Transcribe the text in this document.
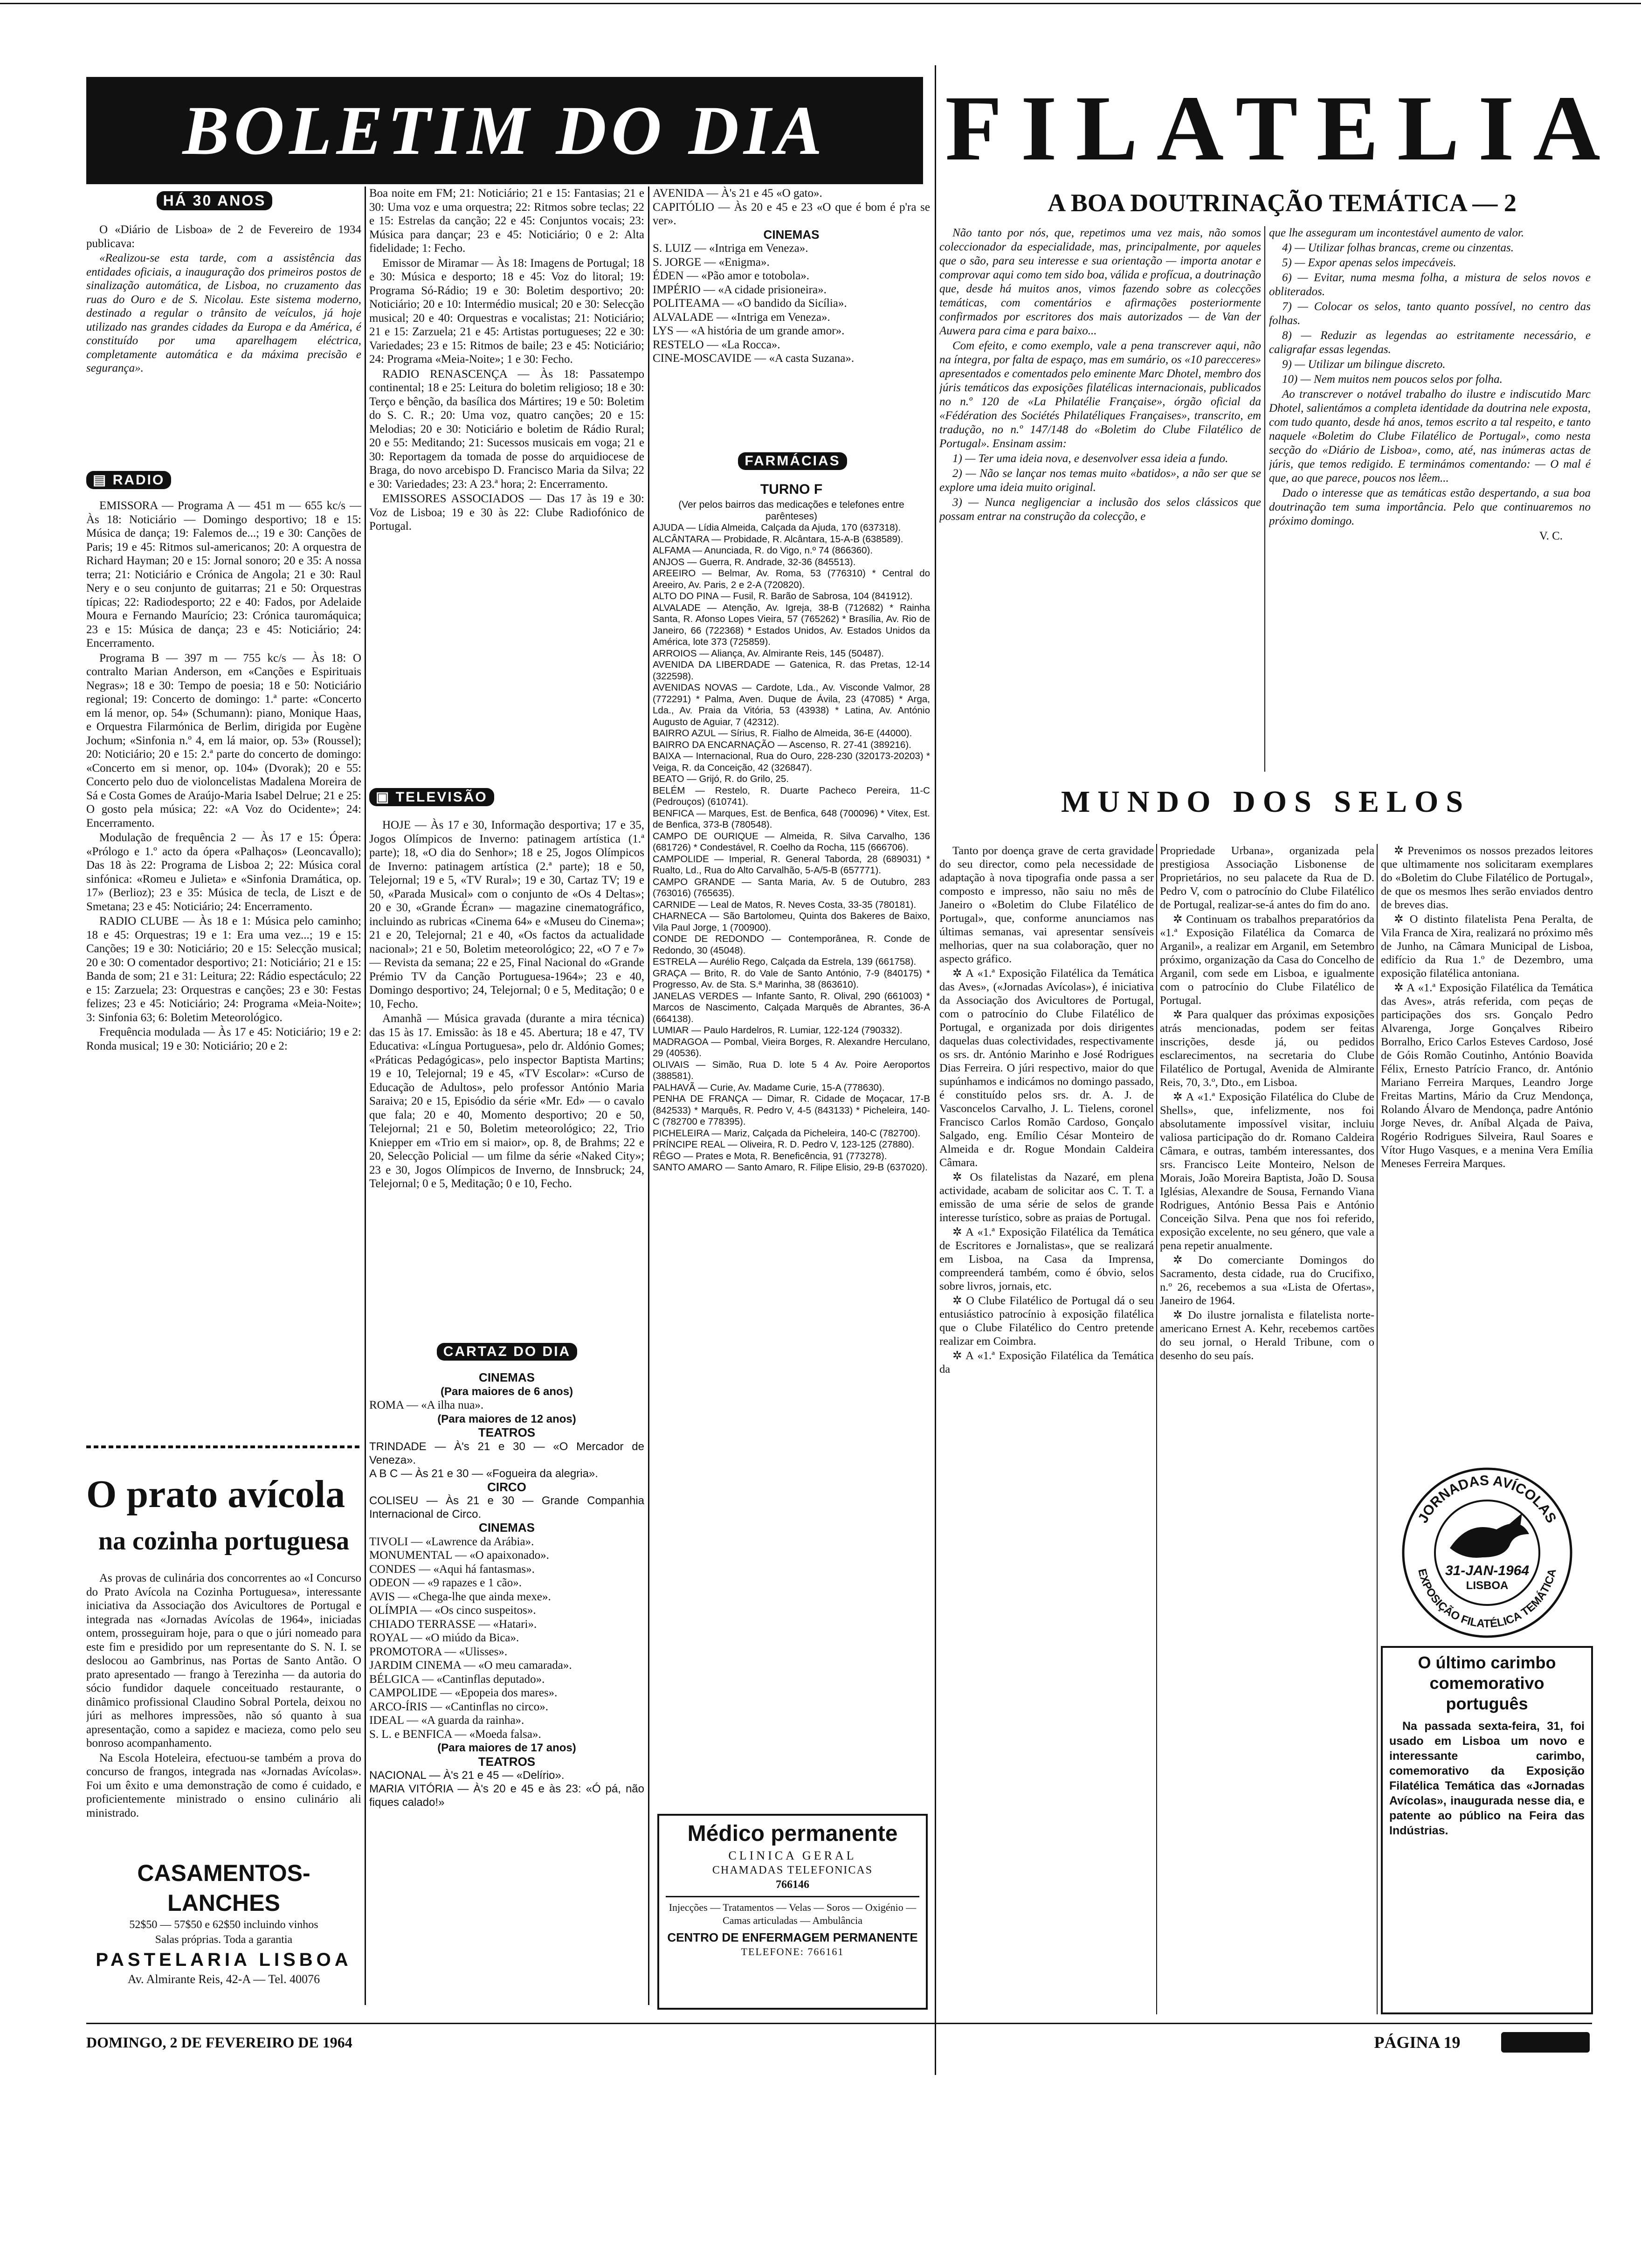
BOLETIM DO DIA FILATELIA
HÁ 30 ANOS

O «Diário de Lisboa» de 2 de Fevereiro de 1934 publicava:

«Realizou-se esta tarde, com a assistência das entidades oficiais, a inauguração dos primeiros postos de sinalização automática, de Lisboa, no cruzamento das ruas do Ouro e de S. Nicolau. Este sistema moderno, destinado a regular o trânsito de veículos, já hoje utilizado nas grandes cidades da Europa e da América, é constituído por uma aparelhagem eléctrica, completamente automática e da máxima precisão e segurança».

▤ RADIO

EMISSORA — Programa A — 451 m — 655 kc/s — Às 18: Noticiário — Domingo desportivo; 18 e 15: Música de dança; 19: Falemos de...; 19 e 30: Canções de Paris; 19 e 45: Ritmos sul-americanos; 20: A orquestra de Richard Hayman; 20 e 15: Jornal sonoro; 20 e 35: A nossa terra; 21: Noticiário e Crónica de Angola; 21 e 30: Raul Nery e o seu conjunto de guitarras; 21 e 50: Orquestras típicas; 22: Radiodesporto; 22 e 40: Fados, por Adelaide Moura e Fernando Maurício; 23: Crónica tauromáquica; 23 e 15: Música de dança; 23 e 45: Noticiário; 24: Encerramento.

Programa B — 397 m — 755 kc/s — Às 18: O contralto Marian Anderson, em «Canções e Espirituais Negras»; 18 e 30: Tempo de poesia; 18 e 50: Noticiário regional; 19: Concerto de domingo: 1.ª parte: «Concerto em lá menor, op. 54» (Schumann): piano, Monique Haas, e Orquestra Filarmónica de Berlim, dirigida por Eugène Jochum; «Sinfonia n.º 4, em lá maior, op. 53» (Roussel); 20: Noticiário; 20 e 15: 2.ª parte do concerto de domingo: «Concerto em si menor, op. 104» (Dvorak); 20 e 55: Concerto pelo duo de violoncelistas Madalena Moreira de Sá e Costa Gomes de Araújo-Maria Isabel Delrue; 21 e 25: O gosto pela música; 22: «A Voz do Ocidente»; 24: Encerramento.

Modulação de frequência 2 — Às 17 e 15: Ópera: «Prólogo e 1.º acto da ópera «Palhaços» (Leoncavallo); Das 18 às 22: Programa de Lisboa 2; 22: Música coral sinfónica: «Romeu e Julieta» e «Sinfonia Dramática, op. 17» (Berlioz); 23 e 35: Música de tecla, de Liszt e de Smetana; 23 e 45: Noticiário; 24: Encerramento.

RADIO CLUBE — Às 18 e 1: Música pelo caminho; 18 e 45: Orquestras; 19 e 1: Era uma vez...; 19 e 15: Canções; 19 e 30: Noticiário; 20 e 15: Selecção musical; 20 e 30: O comentador desportivo; 21: Noticiário; 21 e 15: Banda de som; 21 e 31: Leitura; 22: Rádio espectáculo; 22 e 15: Zarzuela; 23: Orquestras e canções; 23 e 30: Festas felizes; 23 e 45: Noticiário; 24: Programa «Meia-Noite»; 3: Sinfonia 63; 6: Boletim Meteorológico.

Frequência modulada — Às 17 e 45: Noticiário; 19 e 2: Ronda musical; 19 e 30: Noticiário; 20 e 2:

O prato avícola
na cozinha portuguesa

As provas de culinária dos concorrentes ao «I Concurso do Prato Avícola na Cozinha Portuguesa», interessante iniciativa da Associação dos Avicultores de Portugal e integrada nas «Jornadas Avícolas de 1964», iniciadas ontem, prosseguiram hoje, para o que o júri nomeado para este fim e presidido por um representante do S. N. I. se deslocou ao Gambrinus, nas Portas de Santo Antão. O prato apresentado — frango à Terezinha — da autoria do sócio fundidor daquele conceituado restaurante, o dinâmico profissional Claudino Sobral Portela, deixou no júri as melhores impressões, não só quanto à sua apresentação, como a sapidez e macieza, como pelo seu bonroso acompanhamento.

Na Escola Hoteleira, efectuou-se também a prova do concurso de frangos, integrada nas «Jornadas Avícolas». Foi um êxito e uma demonstração de como é cuidado, e proficientemente ministrado o ensino culinário ali ministrado.

CASAMENTOS-LANCHES
52$50 — 57$50 e 62$50 incluindo vinhos
Salas próprias. Toda a garantia
PASTELARIA LISBOA
Av. Almirante Reis, 42-A — Tel. 40076

Boa noite em FM; 21: Noticiário; 21 e 15: Fantasias; 21 e 30: Uma voz e uma orquestra; 22: Ritmos sobre teclas; 22 e 15: Estrelas da canção; 22 e 45: Conjuntos vocais; 23: Música para dançar; 23 e 45: Noticiário; 0 e 2: Alta fidelidade; 1: Fecho.

Emissor de Miramar — Às 18: Imagens de Portugal; 18 e 30: Música e desporto; 18 e 45: Voz do litoral; 19: Programa Só-Rádio; 19 e 30: Boletim desportivo; 20: Noticiário; 20 e 10: Intermédio musical; 20 e 30: Selecção musical; 20 e 40: Orquestras e vocalistas; 21: Noticiário; 21 e 15: Zarzuela; 21 e 45: Artistas portugueses; 22 e 30: Variedades; 23 e 15: Ritmos de baile; 23 e 45: Noticiário; 24: Programa «Meia-Noite»; 1 e 30: Fecho.

RADIO RENASCENÇA — Às 18: Passatempo continental; 18 e 25: Leitura do boletim religioso; 18 e 30: Terço e bênção, da basílica dos Mártires; 19 e 50: Boletim do S. C. R.; 20: Uma voz, quatro canções; 20 e 15: Melodias; 20 e 30: Noticiário e boletim de Rádio Rural; 20 e 55: Meditando; 21: Sucessos musicais em voga; 21 e 30: Reportagem da tomada de posse do arquidiocese de Braga, do novo arcebispo D. Francisco Maria da Silva; 22 e 30: Variedades; 23: A 23.ª hora; 2: Encerramento.

EMISSORES ASSOCIADOS — Das 17 às 19 e 30: Voz de Lisboa; 19 e 30 às 22: Clube Radiofónico de Portugal.

▣ TELEVISÃO

HOJE — Às 17 e 30, Informação desportiva; 17 e 35, Jogos Olímpicos de Inverno: patinagem artística (1.ª parte); 18, «O dia do Senhor»; 18 e 25, Jogos Olímpicos de Inverno: patinagem artística (2.ª parte); 18 e 50, Telejornal; 19 e 5, «TV Rural»; 19 e 30, Cartaz TV; 19 e 50, «Parada Musical» com o conjunto de «Os 4 Deltas»; 20 e 30, «Grande Écran» — magazine cinematográfico, incluindo as rubricas «Cinema 64» e «Museu do Cinema»; 21 e 20, Telejornal; 21 e 40, «Os factos da actualidade nacional»; 21 e 50, Boletim meteorológico; 22, «O 7 e 7» — Revista da semana; 22 e 25, Final Nacional do «Grande Prémio TV da Canção Portuguesa-1964»; 23 e 40, Domingo desportivo; 24, Telejornal; 0 e 5, Meditação; 0 e 10, Fecho.

Amanhã — Música gravada (durante a mira técnica) das 15 às 17. Emissão: às 18 e 45. Abertura; 18 e 47, TV Educativa: «Língua Portuguesa», pelo dr. Aldónio Gomes; «Práticas Pedagógicas», pelo inspector Baptista Martins; 19 e 10, Telejornal; 19 e 45, «TV Escolar»: «Curso de Educação de Adultos», pelo professor António Maria Saraiva; 20 e 15, Episódio da série «Mr. Ed» — o cavalo que fala; 20 e 40, Momento desportivo; 20 e 50, Telejornal; 21 e 50, Boletim meteorológico; 22, Trio Kniepper em «Trio em si maior», op. 8, de Brahms; 22 e 20, Selecção Policial — um filme da série «Naked City»; 23 e 30, Jogos Olímpicos de Inverno, de Innsbruck; 24, Telejornal; 0 e 5, Meditação; 0 e 10, Fecho.

CARTAZ DO DIA
CINEMAS
(Para maiores de 6 anos)
ROMA — «A ilha nua».
(Para maiores de 12 anos)
TEATROS
TRINDADE — À's 21 e 30 — «O Mercador de Veneza».
A B C — Às 21 e 30 — «Fogueira da alegria».
CIRCO
COLISEU — Às 21 e 30 — Grande Companhia Internacional de Circo.
CINEMAS
TIVOLI — «Lawrence da Arábia».
MONUMENTAL — «O apaixonado».
CONDES — «Aqui há fantasmas».
ODEON — «9 rapazes e 1 cão».
AVIS — «Chega-lhe que ainda mexe».
OLÍMPIA — «Os cinco suspeitos».
CHIADO TERRASSE — «Hatari».
ROYAL — «O miúdo da Bica».
PROMOTORA — «Ulisses».
JARDIM CINEMA — «O meu camarada».
BÉLGICA — «Cantinflas deputado».
CAMPOLIDE — «Epopeia dos mares».
ARCO-ÍRIS — «Cantinflas no circo».
IDEAL — «A guarda da rainha».
S. L. e BENFICA — «Moeda falsa».
(Para maiores de 17 anos)
TEATROS
NACIONAL — À's 21 e 45 — «Delírio».
MARIA VITÓRIA — À's 20 e 45 e às 23: «Ó pá, não fiques calado!»
AVENIDA — À's 21 e 45 «O gato».
CAPITÓLIO — Às 20 e 45 e 23 «O que é bom é p'ra se ver».
CINEMAS
S. LUIZ — «Intriga em Veneza».
S. JORGE — «Enigma».
ÉDEN — «Pão amor e totobola».
IMPÉRIO — «A cidade prisioneira».
POLITEAMA — «O bandido da Sicília».
ALVALADE — «Intriga em Veneza».
LYS — «A história de um grande amor».
RESTELO — «La Rocca».
CINE-MOSCAVIDE — «A casta Suzana».
FARMÁCIAS
TURNO F
(Ver pelos bairros das medicações e telefones entre parênteses)
AJUDA — Lídia Almeida, Calçada da Ajuda, 170 (637318).
ALCÂNTARA — Probidade, R. Alcântara, 15-A-B (638589).
ALFAMA — Anunciada, R. do Vigo, n.º 74 (866360).
ANJOS — Guerra, R. Andrade, 32-36 (845513).
AREEIRO — Belmar, Av. Roma, 53 (776310) * Central do Areeiro, Av. Paris, 2 e 2-A (720820).
ALTO DO PINA — Fusil, R. Barão de Sabrosa, 104 (841912).
ALVALADE — Atenção, Av. Igreja, 38-B (712682) * Rainha Santa, R. Afonso Lopes Vieira, 57 (765262) * Brasília, Av. Rio de Janeiro, 66 (722368) * Estados Unidos, Av. Estados Unidos da América, lote 373 (725859).
ARROIOS — Aliança, Av. Almirante Reis, 145 (50487).
AVENIDA DA LIBERDADE — Gatenica, R. das Pretas, 12-14 (322598).
AVENIDAS NOVAS — Cardote, Lda., Av. Visconde Valmor, 28 (772291) * Palma, Aven. Duque de Ávila, 23 (47085) * Arga, Lda., Av. Praia da Vitória, 53 (43938) * Latina, Av. António Augusto de Aguiar, 7 (42312).
BAIRRO AZUL — Sírius, R. Fialho de Almeida, 36-E (44000).
BAIRRO DA ENCARNAÇÃO — Ascenso, R. 27-41 (389216).
BAIXA — Internacional, Rua do Ouro, 228-230 (320173-20203) * Veiga, R. da Conceição, 42 (326847).
BEATO — Grijó, R. do Grilo, 25.
BELÉM — Restelo, R. Duarte Pacheco Pereira, 11-C (Pedrouços) (610741).
BENFICA — Marques, Est. de Benfica, 648 (700096) * Vitex, Est. de Benfica, 373-B (780548).
CAMPO DE OURIQUE — Almeida, R. Silva Carvalho, 136 (681726) * Condestável, R. Coelho da Rocha, 115 (666706).
CAMPOLIDE — Imperial, R. General Taborda, 28 (689031) * Rualto, Ld., Rua do Alto Carvalhão, 5-A/5-B (657771).
CAMPO GRANDE — Santa Maria, Av. 5 de Outubro, 283 (763016) (765635).
CARNIDE — Leal de Matos, R. Neves Costa, 33-35 (780181).
CHARNECA — São Bartolomeu, Quinta dos Bakeres de Baixo, Vila Paul Jorge, 1 (700900).
CONDE DE REDONDO — Contemporânea, R. Conde de Redondo, 30 (45048).
ESTRELA — Aurélio Rego, Calçada da Estrela, 139 (661758).
GRAÇA — Brito, R. do Vale de Santo António, 7-9 (840175) * Progresso, Av. de Sta. S.ª Marinha, 38 (863610).
JANELAS VERDES — Infante Santo, R. Olival, 290 (661003) * Marcos de Nascimento, Calçada Marquês de Abrantes, 36-A (664138).
LUMIAR — Paulo Hardelros, R. Lumiar, 122-124 (790332).
MADRAGOA — Pombal, Vieira Borges, R. Alexandre Herculano, 29 (40536).
OLIVAIS — Simão, Rua D. lote 5 4 Av. Poire Aeroportos (388581).
PALHAVÃ — Curie, Av. Madame Curie, 15-A (778630).
PENHA DE FRANÇA — Dimar, R. Cidade de Moçacar, 17-B (842533) * Marquês, R. Pedro V, 4-5 (843133) * Picheleira, 140-C (782700 e 778395).
PICHELEIRA — Mariz, Calçada da Picheleira, 140-C (782700).
PRÍNCIPE REAL — Oliveira, R. D. Pedro V, 123-125 (27880).
RÊGO — Prates e Mota, R. Beneficência, 91 (773278).
SANTO AMARO — Santo Amaro, R. Filipe Elisio, 29-B (637020).
Médico permanente
CLINICA GERAL
CHAMADAS TELEFONICAS
766146
Injecções — Tratamentos — Velas — Soros — Oxigénio — Camas articuladas — Ambulância
CENTRO DE ENFERMAGEM PERMANENTE
TELEFONE: 766161
A BOA DOUTRINAÇÃO TEMÁTICA — 2

Não tanto por nós, que, repetimos uma vez mais, não somos coleccionador da especialidade, mas, principalmente, por aqueles que o são, para seu interesse e sua orientação — importa anotar e comprovar aqui como tem sido boa, válida e profícua, a doutrinação que, desde há muitos anos, vimos fazendo sobre as colecções temáticas, com comentários e afirmações posteriormente confirmados por escritores dos mais autorizados — de Van der Auwera para cima e para baixo...

Com efeito, e como exemplo, vale a pena transcrever aqui, não na íntegra, por falta de espaço, mas em sumário, os «10 parecceres» apresentados e comentados pelo eminente Marc Dhotel, membro dos júris temáticos das exposições filatélicas internacionais, publicados no n.º 120 de «La Philatélie Française», órgão oficial da «Fédération des Sociétés Philatéliques Françaises», transcrito, em tradução, no n.º 147/148 do «Boletim do Clube Filatélico de Portugal». Ensinam assim:

1) — Ter uma ideia nova, e desenvolver essa ideia a fundo.

2) — Não se lançar nos temas muito «batidos», a não ser que se explore uma ideia muito original.

3) — Nunca negligenciar a inclusão dos selos clássicos que possam entrar na construção da colecção, e

que lhe asseguram um incontestável aumento de valor.

4) — Utilizar folhas brancas, creme ou cinzentas.

5) — Expor apenas selos impecáveis.

6) — Evitar, numa mesma folha, a mistura de selos novos e obliterados.

7) — Colocar os selos, tanto quanto possível, no centro das folhas.

8) — Reduzir as legendas ao estritamente necessário, e caligrafar essas legendas.

9) — Utilizar um bilingue discreto.

10) — Nem muitos nem poucos selos por folha.

Ao transcrever o notável trabalho do ilustre e indiscutido Marc Dhotel, salientámos a completa identidade da doutrina nele exposta, com tudo quanto, desde há anos, temos escrito a tal respeito, e tanto naquele «Boletim do Clube Filatélico de Portugal», como nesta secção do «Diário de Lisboa», como, até, nas inúmeras actas de júris, que temos redigido. E terminámos comentando: — O mal é que, ao que parece, poucos nos lêem...

Dado o interesse que as temáticas estão despertando, a sua boa doutrinação tem suma importância. Pelo que continuaremos no próximo domingo.

V. C.

MUNDO DOS SELOS

Tanto por doença grave de certa gravidade do seu director, como pela necessidade de adaptação à nova tipografia onde passa a ser composto e impresso, não saiu no mês de Janeiro o «Boletim do Clube Filatélico de Portugal», que, conforme anunciamos nas últimas semanas, vai apresentar sensíveis melhorias, quer na sua colaboração, quer no aspecto gráfico.

✲ A «1.ª Exposição Filatélica da Temática das Aves», («Jornadas Avícolas»), é iniciativa da Associação dos Avicultores de Portugal, com o patrocínio do Clube Filatélico de Portugal, e organizada por dois dirigentes daquelas duas colectividades, respectivamente os srs. dr. António Marinho e José Rodrigues Dias Ferreira. O júri respectivo, maior do que supúnhamos e indicámos no domingo passado, é constituído pelos srs. dr. A. J. de Vasconcelos Carvalho, J. L. Tielens, coronel Francisco Carlos Romão Cardoso, Gonçalo Salgado, eng. Emílio César Monteiro de Almeida e dr. Rogue Mondain Caldeira Câmara.

✲ Os filatelistas da Nazaré, em plena actividade, acabam de solicitar aos C. T. T. a emissão de uma série de selos de grande interesse turístico, sobre as praias de Portugal.

✲ A «1.ª Exposição Filatélica da Temática de Escritores e Jornalistas», que se realizará em Lisboa, na Casa da Imprensa, compreenderá também, como é óbvio, selos sobre livros, jornais, etc.

✲ O Clube Filatélico de Portugal dá o seu entusiástico patrocínio à exposição filatélica que o Clube Filatélico do Centro pretende realizar em Coimbra.

✲ A «1.ª Exposição Filatélica da Temática da

Propriedade Urbana», organizada pela prestigiosa Associação Lisbonense de Proprietários, no seu palacete da Rua de D. Pedro V, com o patrocínio do Clube Filatélico de Portugal, realizar-se-á antes do fim do ano.

✲ Continuam os trabalhos preparatórios da «1.ª Exposição Filatélica da Comarca de Arganil», a realizar em Arganil, em Setembro próximo, organização da Casa do Concelho de Arganil, com sede em Lisboa, e igualmente com o patrocínio do Clube Filatélico de Portugal.

✲ Para qualquer das próximas exposições atrás mencionadas, podem ser feitas inscrições, desde já, ou pedidos esclarecimentos, na secretaria do Clube Filatélico de Portugal, Avenida de Almirante Reis, 70, 3.º, Dto., em Lisboa.

✲ A «1.ª Exposição Filatélica do Clube de Shells», que, infelizmente, nos foi absolutamente impossível visitar, incluiu valiosa participação do dr. Romano Caldeira Câmara, e outras, também interessantes, dos srs. Francisco Leite Monteiro, Nelson de Morais, João Moreira Baptista, João D. Sousa Iglésias, Alexandre de Sousa, Fernando Viana Rodrigues, António Bessa Pais e António Conceição Silva. Pena que nos foi referido, exposição excelente, no seu género, que vale a pena repetir anualmente.

✲ Do comerciante Domingos do Sacramento, desta cidade, rua do Crucifixo, n.º 26, recebemos a sua «Lista de Ofertas», Janeiro de 1964.

✲ Do ilustre jornalista e filatelista norte-americano Ernest A. Kehr, recebemos cartões do seu jornal, o Herald Tribune, com o desenho do seu país.

✲ Prevenimos os nossos prezados leitores que ultimamente nos solicitaram exemplares do «Boletim do Clube Filatélico de Portugal», de que os mesmos lhes serão enviados dentro de breves dias.

✲ O distinto filatelista Pena Peralta, de Vila Franca de Xira, realizará no próximo mês de Junho, na Câmara Municipal de Lisboa, edifício da Rua 1.º de Dezembro, uma exposição filatélica antoniana.

✲ A «1.ª Exposição Filatélica da Temática das Aves», atrás referida, com peças de participações dos srs. Gonçalo Pedro Alvarenga, Jorge Gonçalves Ribeiro Borralho, Erico Carlos Esteves Cardoso, José de Góis Romão Coutinho, António Boavida Félix, Ernesto Patrício Franco, dr. António Mariano Ferreira Marques, Leandro Jorge Freitas Martins, Mário da Cruz Mendonça, Rolando Álvaro de Mendonça, padre António Jorge Neves, dr. Aníbal Alçada de Paiva, Rogério Rodrigues Silveira, Raul Soares e Vítor Hugo Vasques, e a menina Vera Emília Meneses Ferreira Marques.

JORNADAS AVÍCOLAS
EXPOSIÇÃO FILATÉLICA TEMÁTICA
31-JAN-1964
LISBOA
O último carimbo comemorativo português
Na passada sexta-feira, 31, foi usado em Lisboa um novo e interessante carimbo, comemorativo da Exposição Filatélica Temática das «Jornadas Avícolas», inaugurada nesse dia, e patente ao público na Feira das Indústrias.
DOMINGO, 2 DE FEVEREIRO DE 1964	PÁGINA 19
